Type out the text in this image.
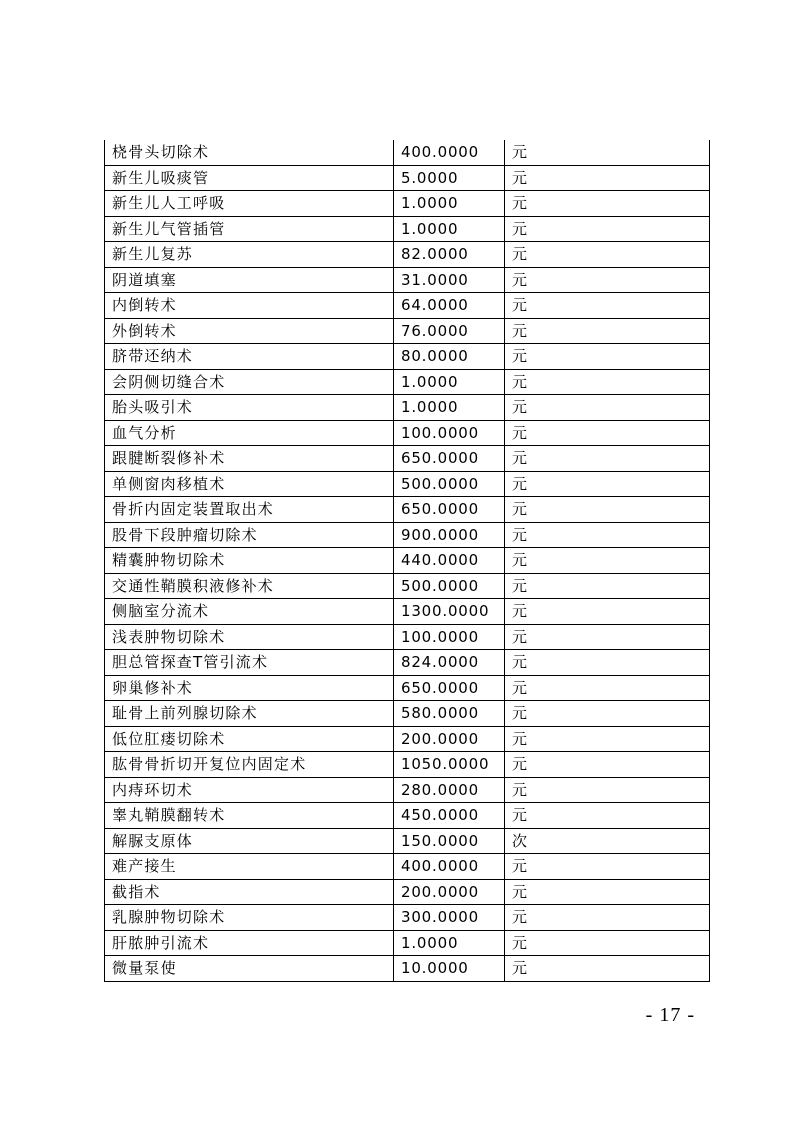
桡骨头切除术	400.0000	元
新生儿吸痰管	5.0000	元
新生儿人工呼吸	1.0000	元
新生儿气管插管	1.0000	元
新生儿复苏	82.0000	元
阴道填塞	31.0000	元
内倒转术	64.0000	元
外倒转术	76.0000	元
脐带还纳术	80.0000	元
会阴侧切缝合术	1.0000	元
胎头吸引术	1.0000	元
血气分析	100.0000	元
跟腱断裂修补术	650.0000	元
单侧窗肉移植术	500.0000	元
骨折内固定装置取出术	650.0000	元
股骨下段肿瘤切除术	900.0000	元
精囊肿物切除术	440.0000	元
交通性鞘膜积液修补术	500.0000	元
侧脑室分流术	1300.0000	元
浅表肿物切除术	100.0000	元
胆总管探查T管引流术	824.0000	元
卵巢修补术	650.0000	元
耻骨上前列腺切除术	580.0000	元
低位肛瘘切除术	200.0000	元
肱骨骨折切开复位内固定术	1050.0000	元
内痔环切术	280.0000	元
睾丸鞘膜翻转术	450.0000	元
解脲支原体	150.0000	次
难产接生	400.0000	元
截指术	200.0000	元
乳腺肿物切除术	300.0000	元
肝脓肿引流术	1.0000	元
微量泵使	10.0000	元
- 17 -
